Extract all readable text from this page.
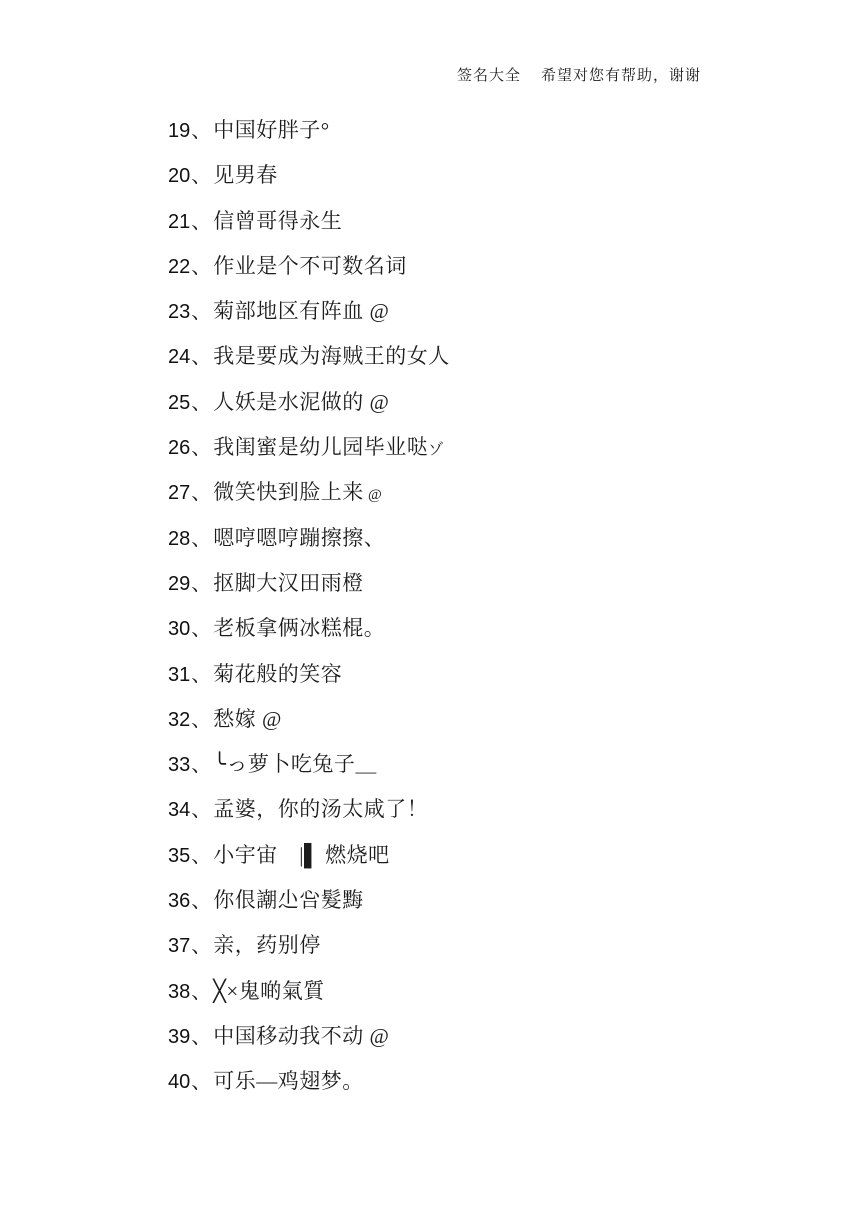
签名大全 希望对您有帮助，谢谢
19、中国好胖子°
20、见男春
21、信曾哥得永生
22、作业是个不可数名词
23、菊部地区有阵血 @
24、我是要成为海贼王的女人
25、人妖是水泥做的 @
26、我闺蜜是幼儿园毕业哒ゾ
27、微笑快到脸上来 @
28、嗯哼嗯哼蹦擦擦、
29、抠脚大汉田雨橙
30、老板拿俩冰糕棍。
31、菊花般的笑容
32、愁嫁 @
33、╰っ萝卜吃兔子＿
34、孟婆，你的汤太咸了！
35、小宇宙　|▌ 燃烧吧
36、你佷謿尐吢髮黣
37、亲，药别停
38、╳×鬼啲氣質
39、中国移动我不动 @
40、可乐—鸡翅梦。
